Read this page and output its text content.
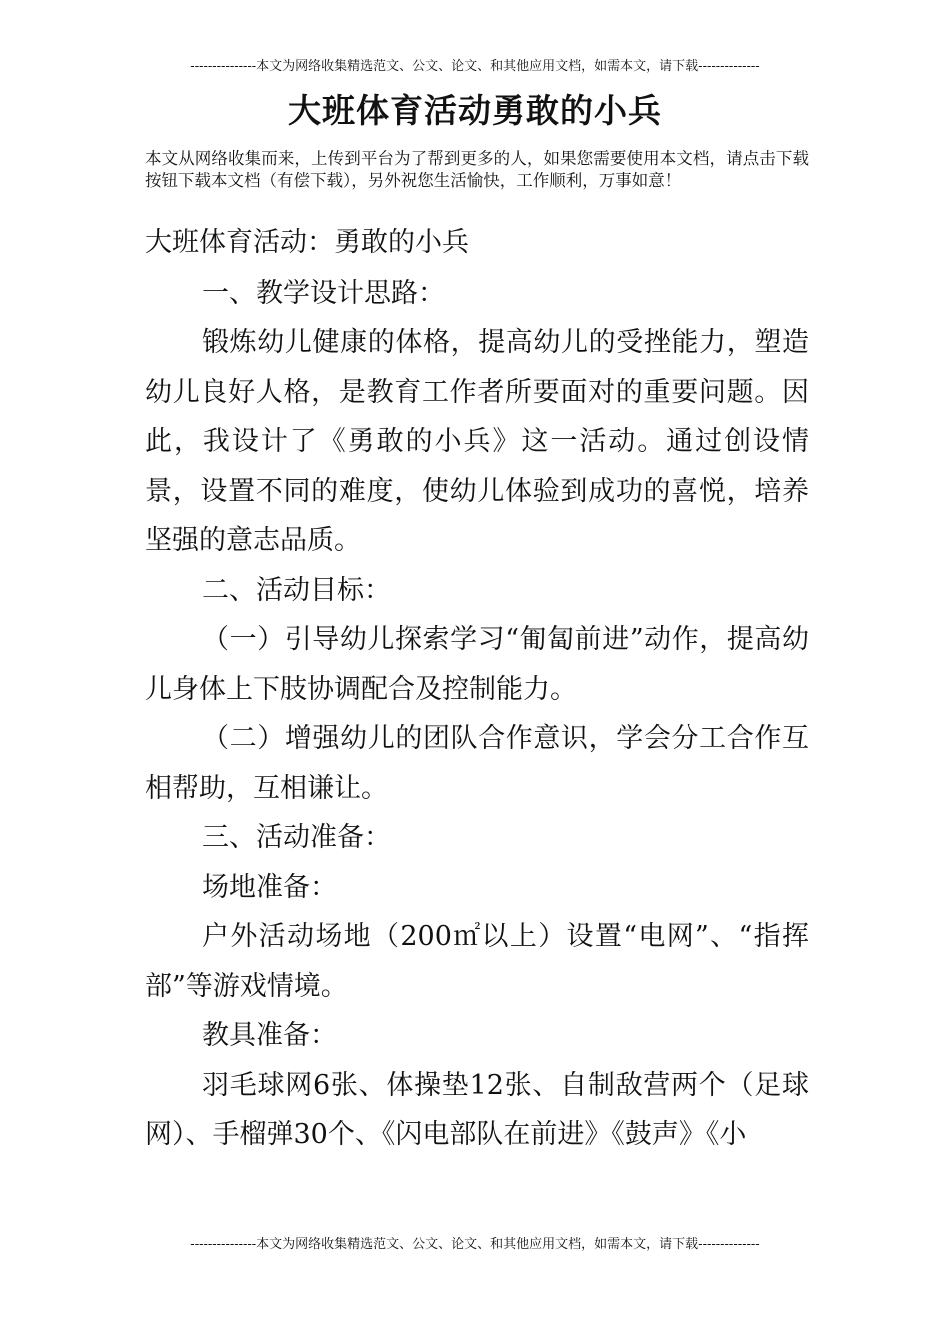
---------------本文为网络收集精选范文、公文、论文、和其他应用文档，如需本文，请下载--------------
大班体育活动勇敢的小兵
本文从网络收集而来，上传到平台为了帮到更多的人，如果您需要使用本文档，请点击下载按钮下载本文档（有偿下载），另外祝您生活愉快，工作顺利，万事如意！

大班体育活动：勇敢的小兵

一、教学设计思路：

锻炼幼儿健康的体格，提高幼儿的受挫能力，塑造幼儿良好人格，是教育工作者所要面对的重要问题。因此，我设计了《勇敢的小兵》这一活动。通过创设情景，设置不同的难度，使幼儿体验到成功的喜悦，培养坚强的意志品质。

二、活动目标：

（一）引导幼儿探索学习“匍匐前进”动作，提高幼儿身体上下肢协调配合及控制能力。

（二）增强幼儿的团队合作意识，学会分工合作互相帮助，互相谦让。

三、活动准备：

场地准备：

户外活动场地（200㎡以上）设置“电网”、“指挥部”等游戏情境。

教具准备：

羽毛球网6张、体操垫12张、自制敌营两个（足球网）、手榴弹30个、《闪电部队在前进》《鼓声》《小

---------------本文为网络收集精选范文、公文、论文、和其他应用文档，如需本文，请下载--------------
